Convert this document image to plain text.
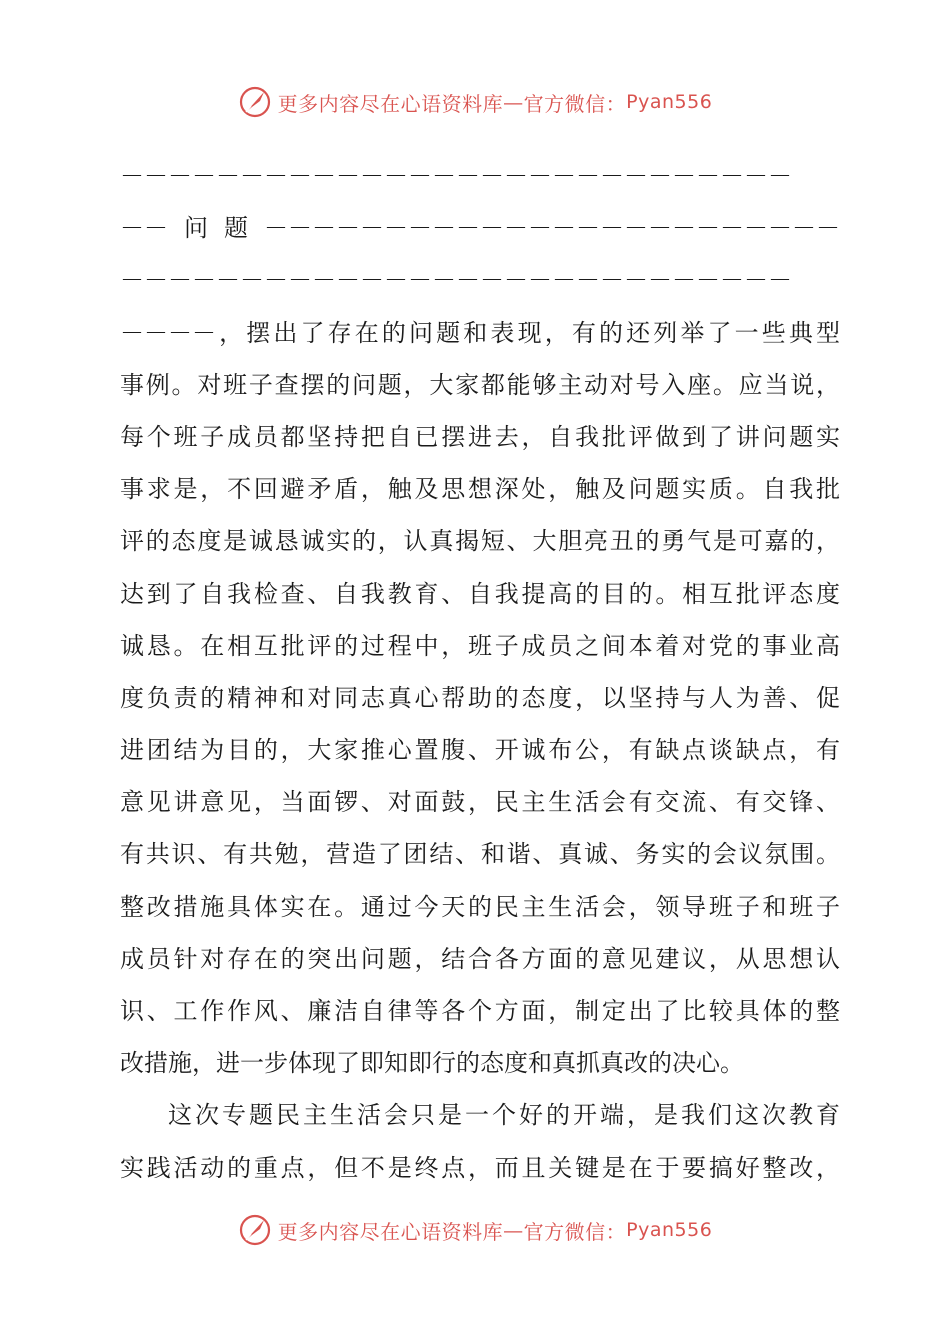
更多内容尽在心语资料库 — 官方微信： Pyan556
－－－－－－－－－－－－－－－－－－－－－－－－－－－－
－－问题－－－－－－－－－－－－－－－－－－－－－－－－
－－－－－－－－－－－－－－－－－－－－－－－－－－－－
－－－－，摆出了存在的问题和表现，有的还列举了一些典型
事例。对班子查摆的问题，大家都能够主动对号入座。应当说，
每个班子成员都坚持把自已摆进去，自我批评做到了讲问题实
事求是，不回避矛盾，触及思想深处，触及问题实质。自我批
评的态度是诚恳诚实的，认真揭短、大胆亮丑的勇气是可嘉的，
达到了自我检查、自我教育、自我提高的目的。相互批评态度
诚恳。在相互批评的过程中，班子成员之间本着对党的事业高
度负责的精神和对同志真心帮助的态度，以坚持与人为善、促
进团结为目的，大家推心置腹、开诚布公，有缺点谈缺点，有
意见讲意见，当面锣、对面鼓，民主生活会有交流、有交锋、
有共识、有共勉，营造了团结、和谐、真诚、务实的会议氛围。
整改措施具体实在。通过今天的民主生活会，领导班子和班子
成员针对存在的突出问题，结合各方面的意见建议，从思想认
识、工作作风、廉洁自律等各个方面，制定出了比较具体的整
改措施，进一步体现了即知即行的态度和真抓真改的决心。
这次专题民主生活会只是一个好的开端，是我们这次教育
实践活动的重点，但不是终点，而且关键是在于要搞好整改，
更多内容尽在心语资料库 — 官方微信： Pyan556
